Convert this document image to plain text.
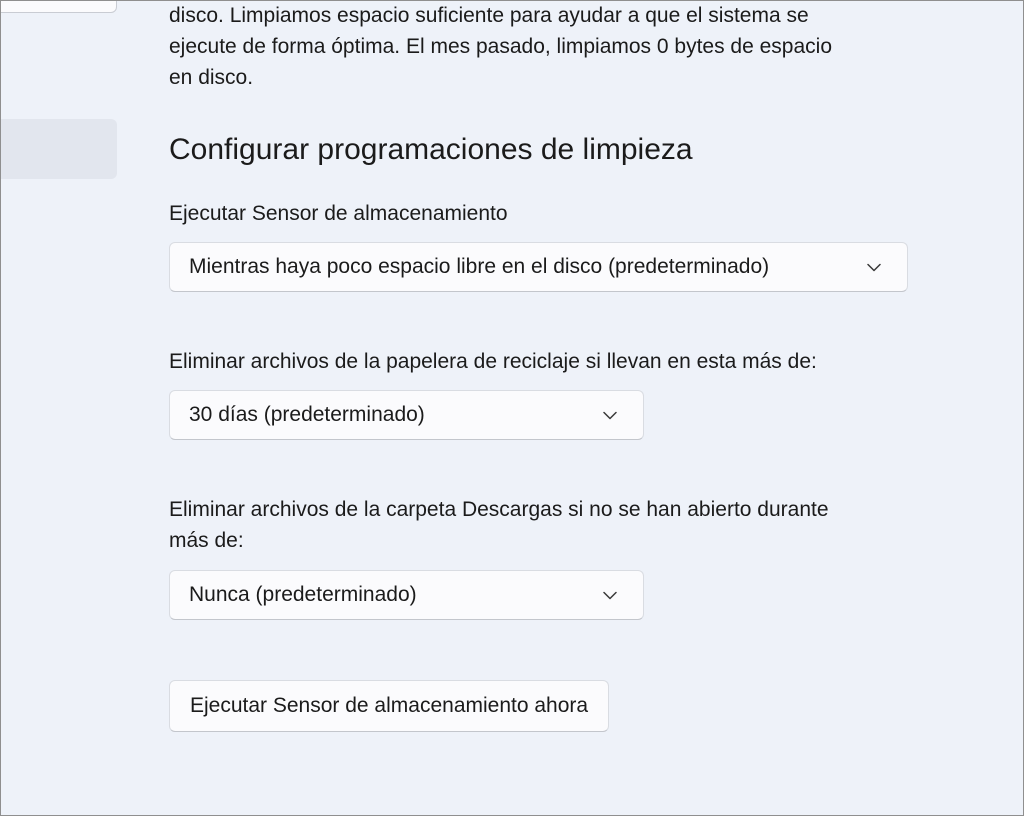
disco. Limpiamos espacio suficiente para ayudar a que el sistema se
ejecute de forma óptima. El mes pasado, limpiamos 0 bytes de espacio
en disco.
Configurar programaciones de limpieza
Ejecutar Sensor de almacenamiento
Mientras haya poco espacio libre en el disco (predeterminado)
Eliminar archivos de la papelera de reciclaje si llevan en esta más de:
30 días (predeterminado)
Eliminar archivos de la carpeta Descargas si no se han abierto durante
más de:
Nunca (predeterminado)
Ejecutar Sensor de almacenamiento ahora
